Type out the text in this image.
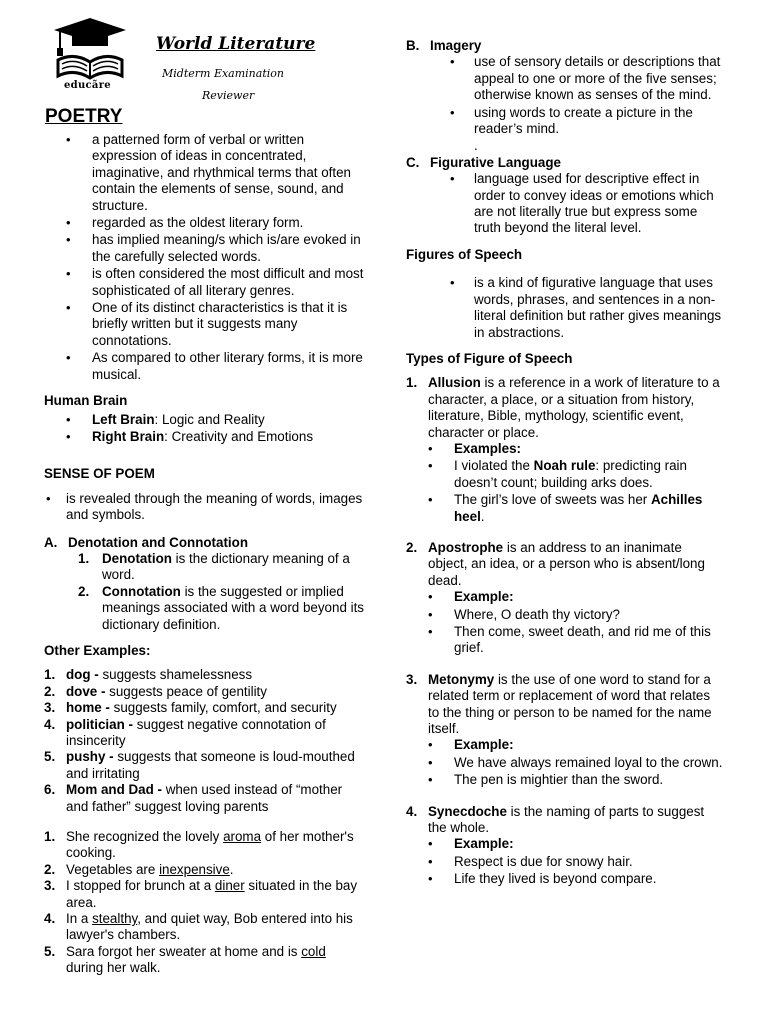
educãre
World Literature
Midterm Examination
Reviewer
POETRY
• a patterned form of verbal or written expression of ideas in concentrated, imaginative, and rhythmical terms that often contain the elements of sense, sound, and structure.
• regarded as the oldest literary form.
• has implied meaning/s which is/are evoked in the carefully selected words.
• is often considered the most difficult and most sophisticated of all literary genres.
• One of its distinct characteristics is that it is briefly written but it suggests many connotations.
• As compared to other literary forms, it is more musical.
Human Brain
• Left Brain: Logic and Reality
• Right Brain: Creativity and Emotions
SENSE OF POEM
• is revealed through the meaning of words, images and symbols.
A. Denotation and Connotation
1. Denotation is the dictionary meaning of a word.
2. Connotation is the suggested or implied meanings associated with a word beyond its dictionary definition.
Other Examples:
1. dog - suggests shamelessness
2. dove - suggests peace of gentility
3. home - suggests family, comfort, and security
4. politician - suggest negative connotation of insincerity
5. pushy - suggests that someone is loud-mouthed and irritating
6. Mom and Dad - when used instead of “mother and father” suggest loving parents
1. She recognized the lovely aroma of her mother's cooking.
2. Vegetables are inexpensive.
3. I stopped for brunch at a diner situated in the bay area.
4. In a stealthy, and quiet way, Bob entered into his lawyer's chambers.
5. Sara forgot her sweater at home and is cold during her walk.
B. Imagery
• use of sensory details or descriptions that appeal to one or more of the five senses; otherwise known as senses of the mind.
• using words to create a picture in the reader’s mind.
.
C. Figurative Language
• language used for descriptive effect in order to convey ideas or emotions which are not literally true but express some truth beyond the literal level.
Figures of Speech
• is a kind of figurative language that uses words, phrases, and sentences in a non-literal definition but rather gives meanings in abstractions.
Types of Figure of Speech
1. Allusion is a reference in a work of literature to a character, a place, or a situation from history, literature, Bible, mythology, scientific event, character or place.
• Examples:
• I violated the Noah rule: predicting rain doesn’t count; building arks does.
• The girl’s love of sweets was her Achilles heel.
2. Apostrophe is an address to an inanimate object, an idea, or a person who is absent/long dead.
• Example:
• Where, O death thy victory?
• Then come, sweet death, and rid me of this grief.
3. Metonymy is the use of one word to stand for a related term or replacement of word that relates to the thing or person to be named for the name itself.
• Example:
• We have always remained loyal to the crown.
• The pen is mightier than the sword.
4. Synecdoche is the naming of parts to suggest the whole.
• Example:
• Respect is due for snowy hair.
• Life they lived is beyond compare.
